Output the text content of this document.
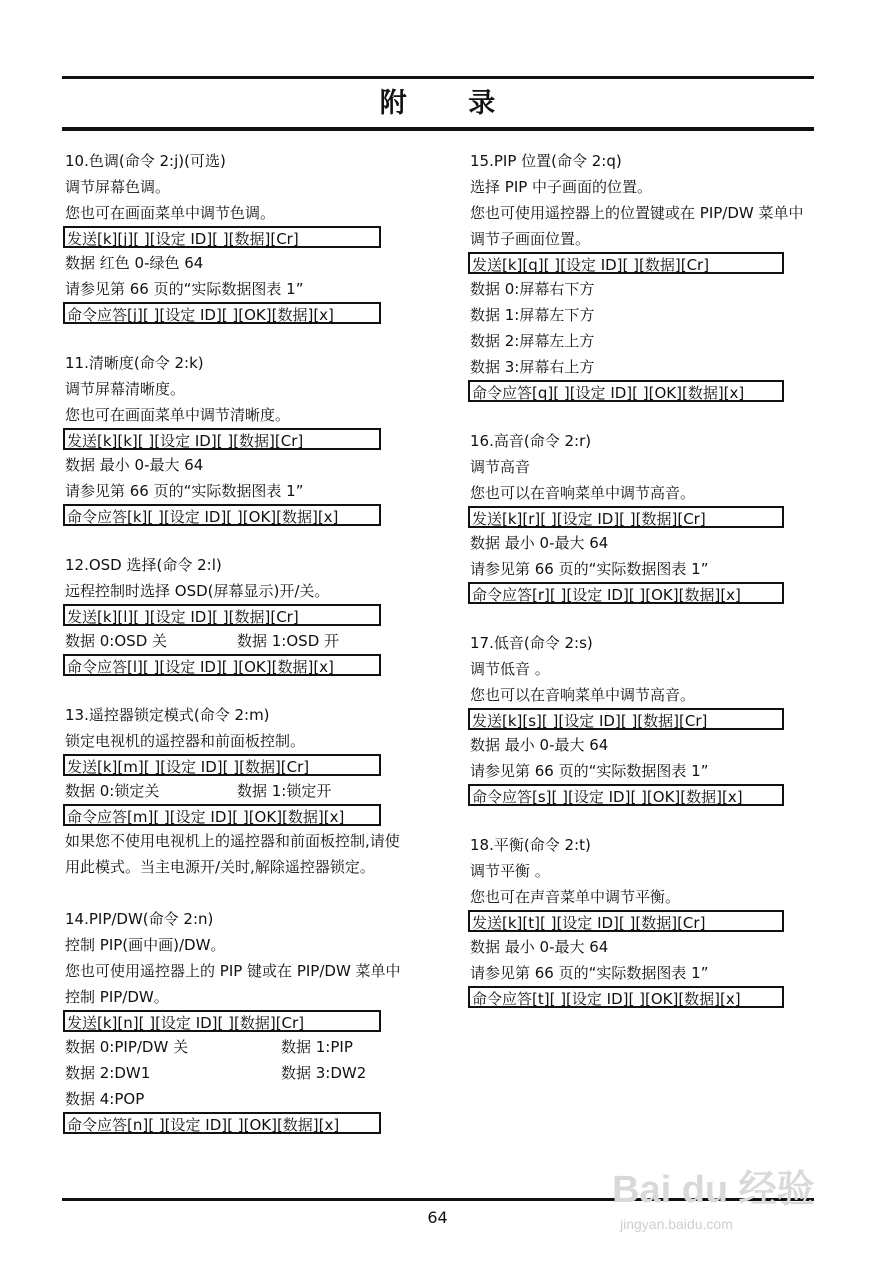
附 录
10.色调(命令 2:j)(可选)
调节屏幕色调。
您也可在画面菜单中调节色调。
发送[k][j][ ][设定 ID][ ][数据][Cr]
数据 红色 0-绿色 64
请参见第 66 页的“实际数据图表 1”
命令应答[j][ ][设定 ID][ ][OK][数据][x]
11.清晰度(命令 2:k)
调节屏幕清晰度。
您也可在画面菜单中调节清晰度。
发送[k][k][ ][设定 ID][ ][数据][Cr]
数据 最小 0-最大 64
请参见第 66 页的“实际数据图表 1”
命令应答[k][ ][设定 ID][ ][OK][数据][x]
12.OSD 选择(命令 2:l)
远程控制时选择 OSD(屏幕显示)开/关。
发送[k][l][ ][设定 ID][ ][数据][Cr]
数据 0:OSD 关	数据 1:OSD 开
命令应答[l][ ][设定 ID][ ][OK][数据][x]
13.遥控器锁定模式(命令 2:m)
锁定电视机的遥控器和前面板控制。
发送[k][m][ ][设定 ID][ ][数据][Cr]
数据 0:锁定关	数据 1:锁定开
命令应答[m][ ][设定 ID][ ][OK][数据][x]
如果您不使用电视机上的遥控器和前面板控制,请使用此模式。当主电源开/关时,解除遥控器锁定。
14.PIP/DW(命令 2:n)
控制 PIP(画中画)/DW。
您也可使用遥控器上的 PIP 键或在 PIP/DW 菜单中控制 PIP/DW。
发送[k][n][ ][设定 ID][ ][数据][Cr]
数据 0:PIP/DW 关	数据 1:PIP
数据 2:DW1	数据 3:DW2
数据 4:POP
命令应答[n][ ][设定 ID][ ][OK][数据][x]
15.PIP 位置(命令 2:q)
选择 PIP 中子画面的位置。
您也可使用遥控器上的位置键或在 PIP/DW 菜单中调节子画面位置。
发送[k][q][ ][设定 ID][ ][数据][Cr]
数据 0:屏幕右下方
数据 1:屏幕左下方
数据 2:屏幕左上方
数据 3:屏幕右上方
命令应答[q][ ][设定 ID][ ][OK][数据][x]
16.高音(命令 2:r)
调节高音
您也可以在音响菜单中调节高音。
发送[k][r][ ][设定 ID][ ][数据][Cr]
数据 最小 0-最大 64
请参见第 66 页的“实际数据图表 1”
命令应答[r][ ][设定 ID][ ][OK][数据][x]
17.低音(命令 2:s)
调节低音 。
您也可以在音响菜单中调节高音。
发送[k][s][ ][设定 ID][ ][数据][Cr]
数据 最小 0-最大 64
请参见第 66 页的“实际数据图表 1”
命令应答[s][ ][设定 ID][ ][OK][数据][x]
18.平衡(命令 2:t)
调节平衡 。
您也可在声音菜单中调节平衡。
发送[k][t][ ][设定 ID][ ][数据][Cr]
数据 最小 0-最大 64
请参见第 66 页的“实际数据图表 1”
命令应答[t][ ][设定 ID][ ][OK][数据][x]
64
Bai du 经验
jingyan.baidu.com
